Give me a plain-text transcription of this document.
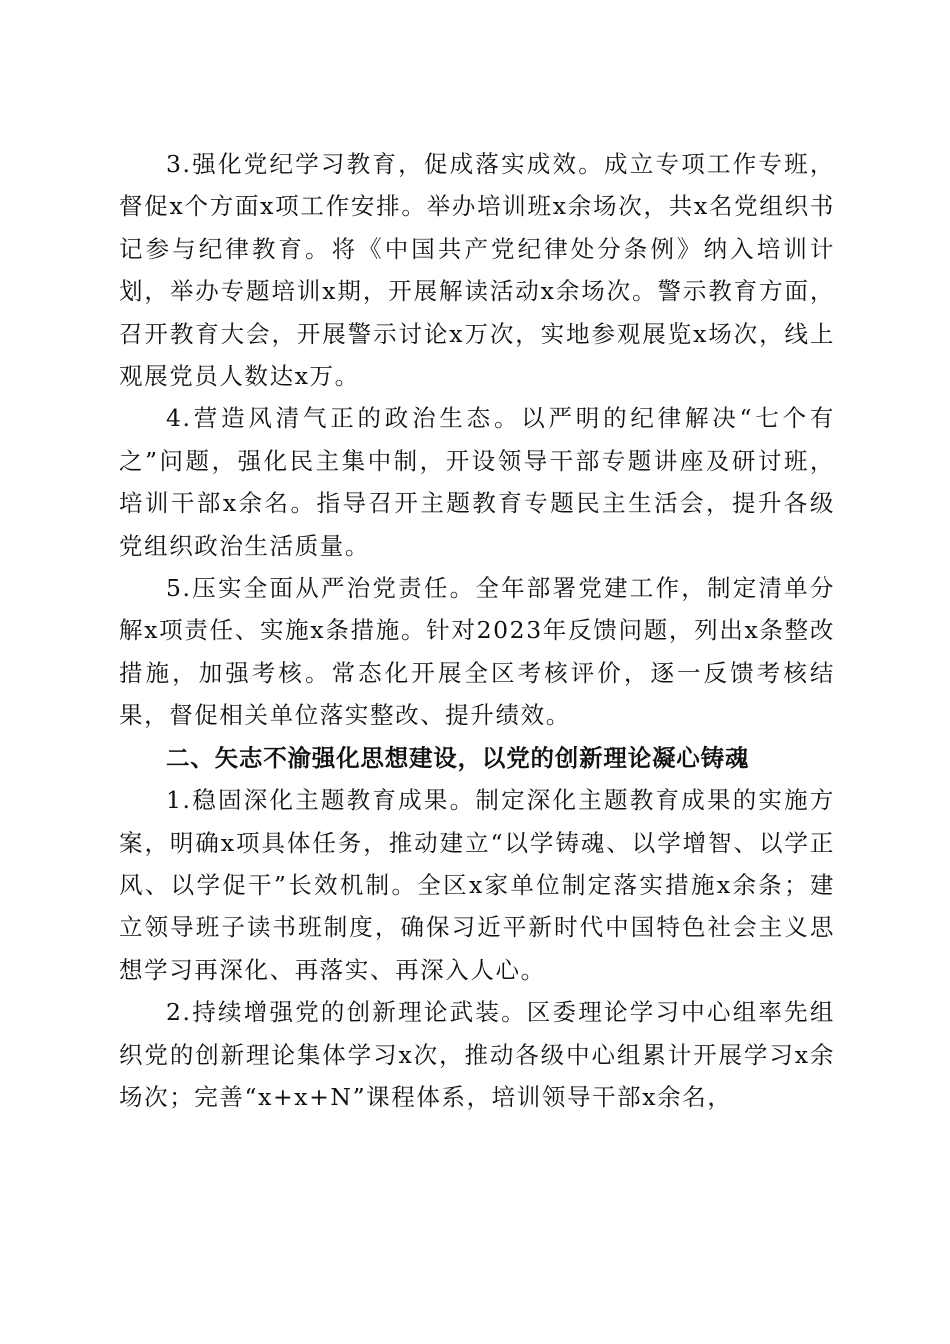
3.强化党纪学习教育，促成落实成效。成立专项工作专班，督促x个方面x项工作安排。举办培训班x余场次，共x名党组织书记参与纪律教育。将《中国共产党纪律处分条例》纳入培训计划，举办专题培训x期，开展解读活动x余场次。警示教育方面，召开教育大会，开展警示讨论x万次，实地参观展览x场次，线上观展党员人数达x万。

4.营造风清气正的政治生态。以严明的纪律解决“七个有之”问题，强化民主集中制，开设领导干部专题讲座及研讨班，培训干部x余名。指导召开主题教育专题民主生活会，提升各级党组织政治生活质量。

5.压实全面从严治党责任。全年部署党建工作，制定清单分解x项责任、实施x条措施。针对2023年反馈问题，列出x条整改措施，加强考核。常态化开展全区考核评价，逐一反馈考核结果，督促相关单位落实整改、提升绩效。

二、矢志不渝强化思想建设，以党的创新理论凝心铸魂

1.稳固深化主题教育成果。制定深化主题教育成果的实施方案，明确x项具体任务，推动建立“以学铸魂、以学增智、以学正风、以学促干”长效机制。全区x家单位制定落实措施x余条；建立领导班子读书班制度，确保习近平新时代中国特色社会主义思想学习再深化、再落实、再深入人心。

2.持续增强党的创新理论武装。区委理论学习中心组率先组织党的创新理论集体学习x次，推动各级中心组累计开展学习x余场次；完善“x+x+N”课程体系，培训领导干部x余名，
